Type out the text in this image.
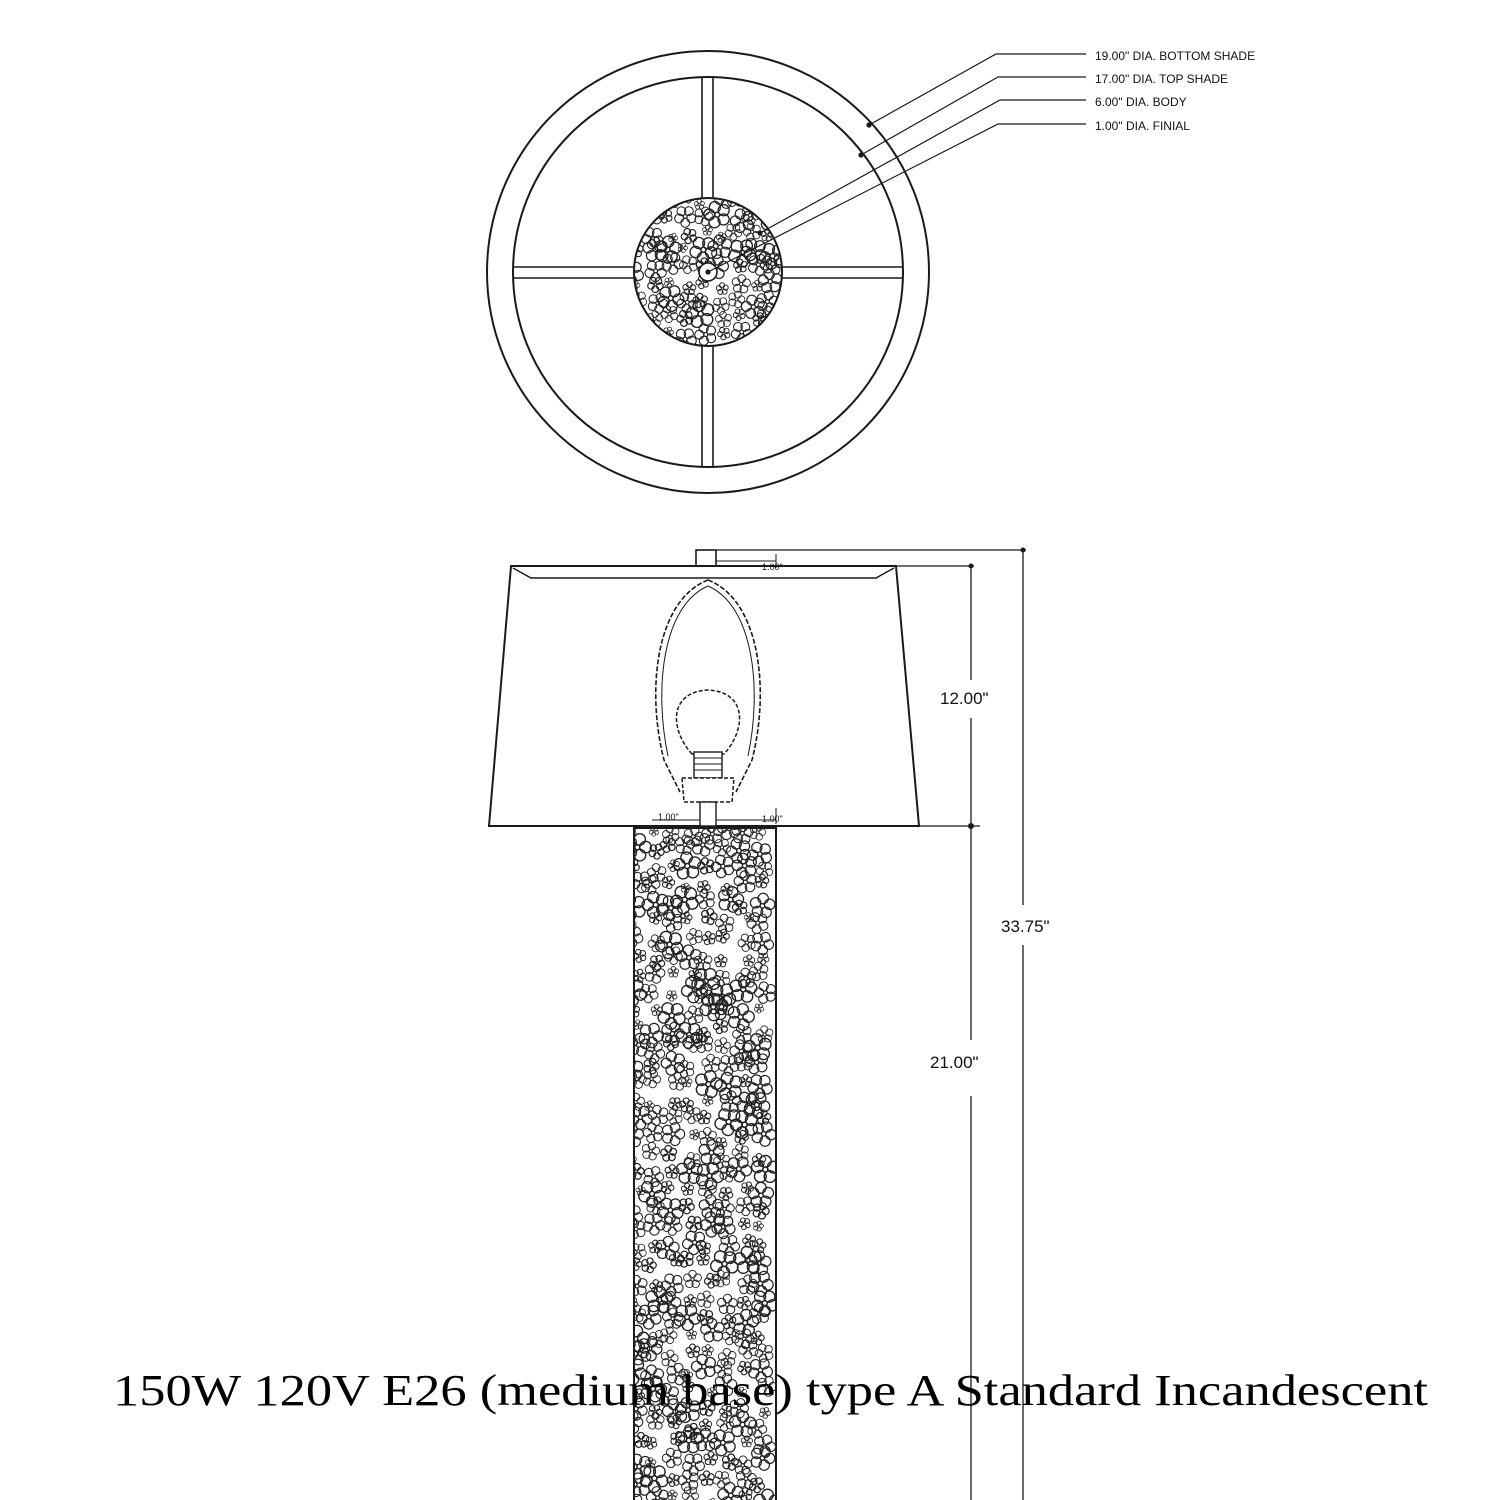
19.00" DIA. BOTTOM SHADE
17.00" DIA. TOP SHADE
6.00" DIA. BODY
1.00" DIA. FINIAL
1.00"
1.00"	1.00"
12.00"
33.75"
21.00"
150W 120V E26 (medium base) type A Standard Incandescent
